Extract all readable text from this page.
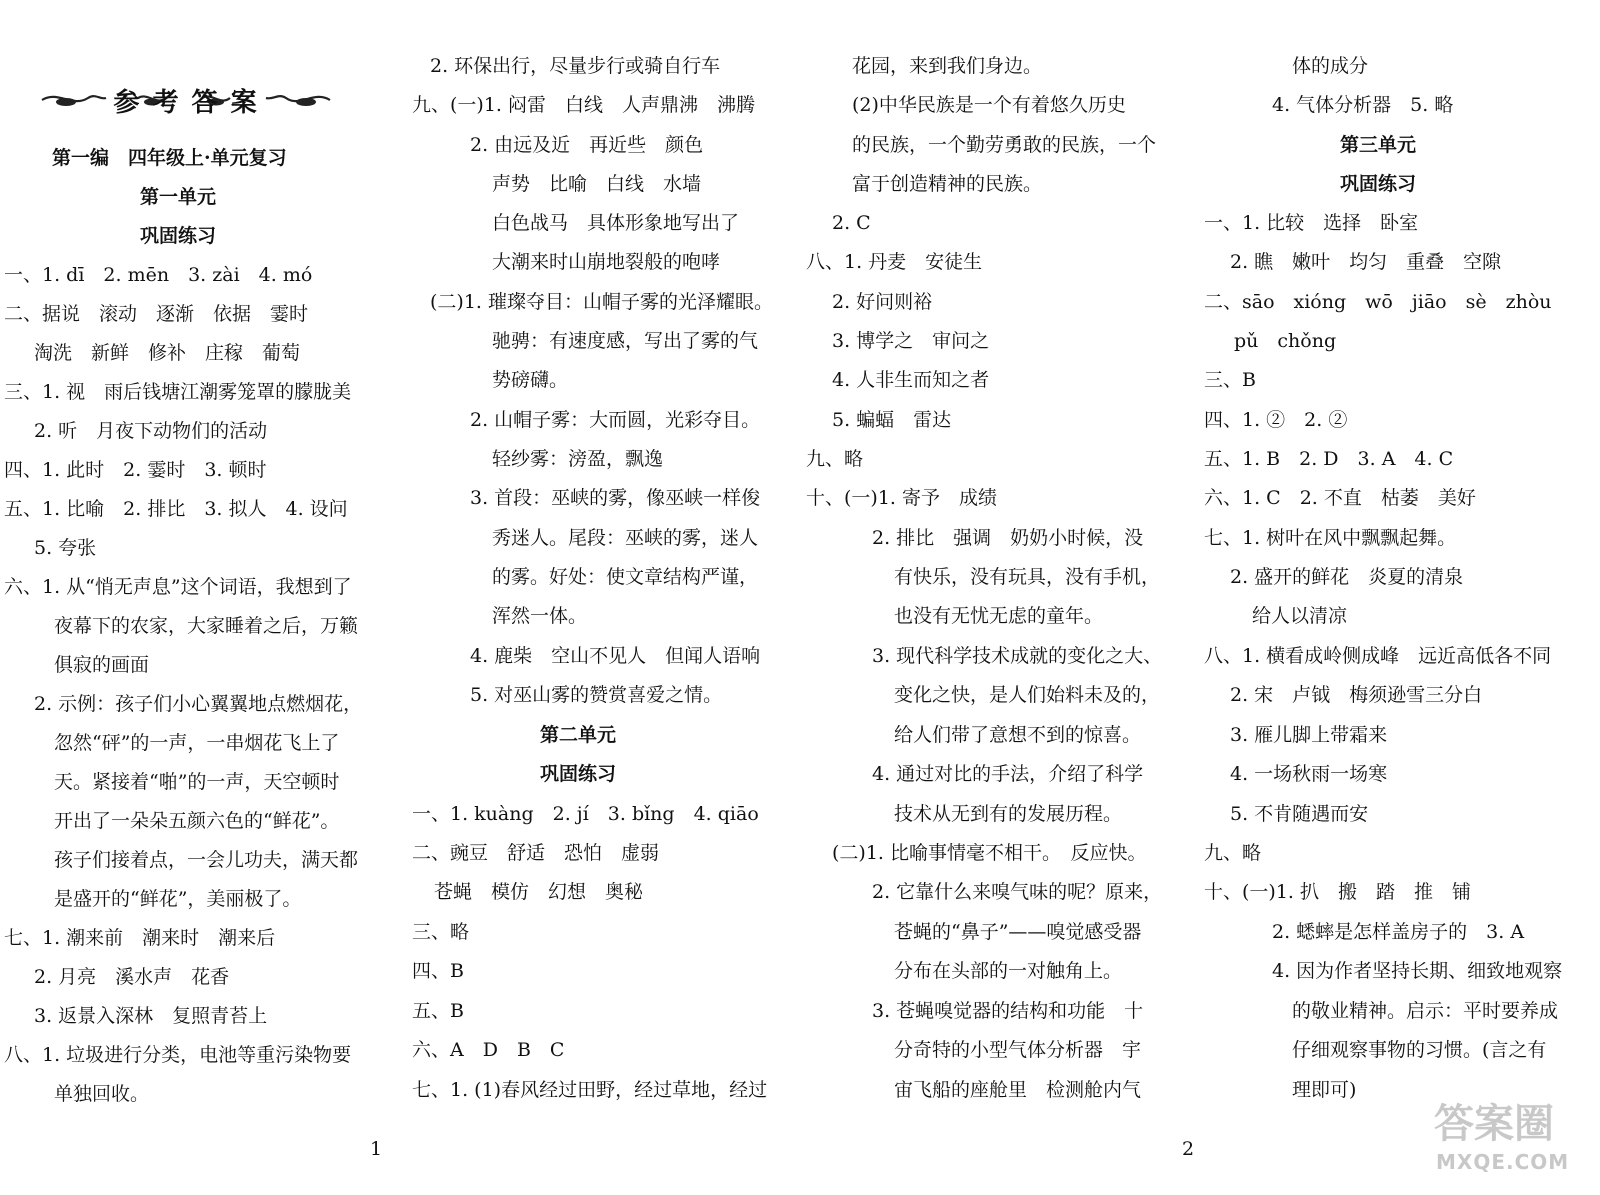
参 考 答 案
第一编　四年级上·单元复习
第一单元
巩固练习
一、1. dī　2. mēn　3. zài　4. mó
二、据说　滚动　逐渐　依据　霎时
淘洗　新鲜　修补　庄稼　葡萄
三、1. 视　雨后钱塘江潮雾笼罩的朦胧美
2. 听　月夜下动物们的活动
四、1. 此时　2. 霎时　3. 顿时
五、1. 比喻　2. 排比　3. 拟人　4. 设问
5. 夸张
六、1. 从“悄无声息”这个词语，我想到了
夜幕下的农家，大家睡着之后，万籁
俱寂的画面
2. 示例：孩子们小心翼翼地点燃烟花，
忽然“砰”的一声，一串烟花飞上了
天。紧接着“啪”的一声，天空顿时
开出了一朵朵五颜六色的“鲜花”。
孩子们接着点，一会儿功夫，满天都
是盛开的“鲜花”，美丽极了。
七、1. 潮来前　潮来时　潮来后
2. 月亮　溪水声　花香
3. 返景入深林　复照青苔上
八、1. 垃圾进行分类，电池等重污染物要
单独回收。
2. 环保出行，尽量步行或骑自行车
九、(一)1. 闷雷　白线　人声鼎沸　沸腾
2. 由远及近　再近些　颜色
声势　比喻　白线　水墙
白色战马　具体形象地写出了
大潮来时山崩地裂般的咆哮
(二)1. 璀璨夺目：山帽子雾的光泽耀眼。
驰骋：有速度感，写出了雾的气
势磅礴。
2. 山帽子雾：大而圆，光彩夺目。
轻纱雾：滂盈，飘逸
3. 首段：巫峡的雾，像巫峡一样俊
秀迷人。尾段：巫峡的雾，迷人
的雾。好处：使文章结构严谨，
浑然一体。
4. 鹿柴　空山不见人　但闻人语响
5. 对巫山雾的赞赏喜爱之情。
第二单元
巩固练习
一、1. kuàng　2. jí　3. bǐng　4. qiāo
二、豌豆　舒适　恐怕　虚弱
苍蝇　模仿　幻想　奥秘
三、略
四、B
五、B
六、A　D　B　C
七、1. (1)春风经过田野，经过草地，经过
花园，来到我们身边。
(2)中华民族是一个有着悠久历史
的民族，一个勤劳勇敢的民族，一个
富于创造精神的民族。
2. C
八、1. 丹麦　安徒生
2. 好问则裕
3. 博学之　审问之
4. 人非生而知之者
5. 蝙蝠　雷达
九、略
十、(一)1. 寄予　成绩
2. 排比　强调　奶奶小时候，没
有快乐，没有玩具，没有手机，
也没有无忧无虑的童年。
3. 现代科学技术成就的变化之大、
变化之快，是人们始料未及的，
给人们带了意想不到的惊喜。
4. 通过对比的手法，介绍了科学
技术从无到有的发展历程。
(二)1. 比喻事情毫不相干。　反应快。
2. 它靠什么来嗅气味的呢？原来，
苍蝇的“鼻子”——嗅觉感受器
分布在头部的一对触角上。
3. 苍蝇嗅觉器的结构和功能　十
分奇特的小型气体分析器　宇
宙飞船的座舱里　检测舱内气
体的成分
4. 气体分析器　5. 略
第三单元
巩固练习
一、1. 比较　选择　卧室
2. 瞧　嫩叶　均匀　重叠　空隙
二、sāo　xióng　wō　jiāo　sè　zhòu
pǔ　chǒng
三、B
四、1. ②　2. ②
五、1. B　2. D　3. A　4. C
六、1. C　2. 不直　枯萎　美好
七、1. 树叶在风中飘飘起舞。
2. 盛开的鲜花　炎夏的清泉
给人以清凉
八、1. 横看成岭侧成峰　远近高低各不同
2. 宋　卢钺　梅须逊雪三分白
3. 雁儿脚上带霜来
4. 一场秋雨一场寒
5. 不肯随遇而安
九、略
十、(一)1. 扒　搬　踏　推　铺
2. 蟋蟀是怎样盖房子的　3. A
4. 因为作者坚持长期、细致地观察
的敬业精神。启示：平时要养成
仔细观察事物的习惯。(言之有
理即可)
1	2
答案圈
MXQE.COM
